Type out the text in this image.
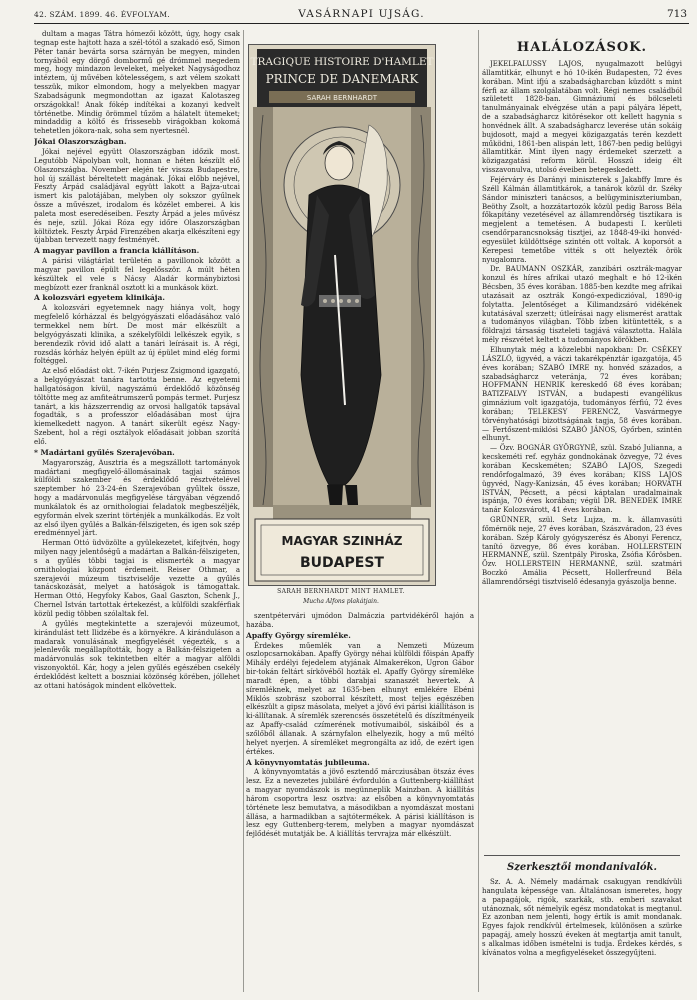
42. SZÁM. 1899. 46. ÉVFOLYAM.	VASÁRNAPI UJSÁG.	713

dultam a magas Tátra hómezői között, úgy, hogy csak tegnap este hajtott haza a szél-tótól a szakadó eső, Simon Péter tanár bevárta sorsa szárnyán be megyen, minden tornyából egy dörgő dombormű gé drómmel megedem meg, hogy mindazon leveleket, melyeket Nagyságodhoz intéztem, új művében kötelességem, s azt vélem szokatt tesszük, mikor elmondom, hogy a melyekben magyar Szabadságunk megmondottan az igazat Kalotaszeg országokkal! Anak fókép indítékai a kozanyi kedvelt történetbe. Mindig örömmel tűzöm a hálatelt ütemeket; mindaddig a költő és frissesebb virágokban kokomá tehetetlen jókora-nak, soha sem nyertesnél.

Jókai Olaszországban.

Jókai nejével együtt Olaszországban időzik most. Legutóbb Nápolyban volt, honnan e héten készült elő Olaszországba. November elején tér vissza Budapestre, hol új szállást béreltetett magának. Jókai előbb nejével, Feszty Árpád családjával együtt lakott a Bajza-utcai ismert kis palotájában, melyben oly sokszor gyűlnek össze a művészet, irodalom és közélet emberei. A kis paleta most eseredéseiben. Feszty Árpád a jeles művész és neje, szül. Jókai Róza egy időre Olaszországban költöztek. Feszty Árpád Firenzében akarja elkészíteni egy újabban tervezett nagy festményét.

A magyar pavillon a francia kiállításon.

A párisi világtárlat területén a pavillonok között a magyar pavillon épült fel legelősször. A múlt héten készültek el vele s Nácsy Aladár kormánybiztosi megbízott ezer franknál osztott ki a munkások közt.

A kolozsvári egyetem klinikája.

A kolozsvári egyetemnek nagy hiánya volt, hogy megfelelő kórházzal és belgyógyászati előadásához való termekkel nem bírt. De most már elkészült a belgyógyászati klinika, a székelyföldi lelkészek egyik, s berendezik rövid idő alatt a tanári leírásait is. A régi, rozsdás kórház helyén épült az új épület mind elég formi foltéggel.

Az első előadást okt. 7-ikén Purjesz Zsigmond igazgató, a belgyógyászat tanára tartotta benne. Az egyetemi hallgatóságon kívül, nagyszámú érdeklődő közönség töltötte meg az amfiteátrumszerű pompás termet. Purjesz tanárt, a kis házszerrendig az orvosi hallgatók tapsával fogadták, s a professzor előadásában most újra kiemelkedett nagyon. A tanárt sikerült egész Nagy-Szebent, hol a régi osztályok előadásait jobban szorítá elő.

* Madártani gyűlés Szerajevóban.

Magyarország, Ausztria és a megszállott tartományok madártani megfigyelő-állomásainak tagjai számos külföldi szakember és érdeklődő résztvételével szeptember hó 23-24-én Szerajevóban gyűltek össze, hogy a madárvonulás megfigyelése tárgyában végzendő munkálatok és az ornithologiai feladatok megbeszéljék, egyformán elvek szerint történjék a munkálkodás. Ez volt az első ilyen gyűlés a Balkán-félszigeten, és igen sok szép eredménnyel járt.

Herman Ottó üdvözölte a gyülekezetet, kifejtvén, hogy milyen nagy jelentőségű a madártan a Balkán-félszigeten, s a gyűlés többi tagjai is elismerték a magyar ornithologiai központ érdemeit. Reiser Othmar, a szerajevói múzeum tisztviselője vezette a gyűlés tanácskozását, melyet a hatóságok is támogattak. Herman Ottó, Hegyfoky Kabos, Gaal Gaszton, Schenk J., Chernel István tartottak értekezést, a külföldi szakférfiak közül pedig többen szólaltak fel.

A gyűlés megtekintette a szerajevói múzeumot, kirándulást tett Ilidzébe és a környékre. A kiránduláson a madarak vonulásának megfigyelését végezték, s a jelenlevők megállapították, hogy a Balkán-félszigeten a madárvonulás sok tekintetben eltér a magyar alföldi viszonyoktól. Kár, hogy a jelen gyűlés egészében csekély érdeklődést keltett a boszniai közönség körében, jóllehet az ottani hatóságok mindent elkövettek.

TRAGIQUE HISTOIRE D'HAMLET
PRINCE DE DANEMARK
SARAH BERNHARDT
MAGYAR SZINHÁZ
BUDAPEST
SARAH BERNHARDT MINT HAMLET.
Mucha Alfons plakátjain.

szentpétervári ujmódon Dalmáczia partvidékéről hajón a hazába.

Apaffy György síremléke.

Érdekes műemlék van a Nemzeti Múzeum oszlopcsarnokában. Apaffy György néhai külföldi főispán Apaffy Mihály erdélyi fejedelem atyjának Almakerékon, Ugron Gábor bir-tokán feltárt sírkövéből hozták el. Apaffy György síremléke maradt épen, a többi darabjai szanaszét hevertek. A síremléknek, melyet az 1635-ben elhunyt emlékére Ebéni Miklós szobrász szoborral készített, most teljes egészében elkészült a gipsz másolata, melyet a jövő évi párisi kiállításon is ki-állítanak. A síremlék szerencsés összetételű és díszítményeik az Apaffy-család czímerének motívumaiból, siskáiból és a szőlőből állanak. A szárnyfalon elhelyezik, hogy a mű méltó helyet nyerjen. A síremléket megrongálta az idő, de ezért igen értékes.

A könyvnyomtatás jubileuma.

A könyvnyomtatás a jövő esztendő márcziusában ötszáz éves lesz. Ez a nevezetes jubiláré évfordulón a Guttenberg-kiállítást a magyar nyomdászok is megünneplik Mainzban. A kiállítás három csoportra lesz osztva: az elsőben a könyvnyomtatás története lesz bemutatva, a másodikban a nyomdászat mostani állása, a harmadikban a sajtótermékek. A párisi kiállításon is lesz egy Guttenberg-terem, melyben a magyar nyomdászat fejlődését mutatják be. A kiállítás tervrajza már elkészült.

HALÁLOZÁSOK.

JEKELFALUSSY LAJOS, nyugalmazott belügyi államtitkár, elhunyt e hó 10-ikén Budapesten, 72 éves korában. Mint ifjú a szabadságharcban küzdött s mint férfi az állam szolgálatában volt. Régi nemes családból született 1828-ban. Gimnáziumi és bölcseleti tanulmányainak elvégzése után a papi pályára lépett, de a szabadságharcz kitörésekor ott kellett hagynia s honvédnek állt. A szabadságharcz leverése után sokáig bujdosott, majd a megyei közigazgatás terén kezdett működni, 1861-ben alispán lett, 1867-ben pedig belügyi államtitkár. Mint ilyen nagy érdemeket szerzett a közigazgatási reform körül. Hosszú ideig élt visszavonulva, utolsó éveiben betegeskedett.

Fejérváry és Darányi miniszterek s Jakabffy Imre és Széll Kálmán államtitkárok, a tanárok közül dr. Széky Sándor miniszteri tanácsos, a belügyminiszteriumban, Beöthy Zsolt, a hozzátartozók közül pedig Baross Béla főkapitány vezetésével az államrendőrség tisztikara is megjelent a temetésen. A budapesti I. kerületi csendőrparancsnokság tisztjei, az 1848-49-iki honvéd-egyesület küldöttsége szintén ott voltak. A koporsót a Kerepesi temetőbe vitték s ott helyezték örök nyugalomra.

Dr. BAUMANN OSZKÁR, zanzibári osztrák-magyar konzul és híres afrikai utazó meghalt e hó 12-ikén Bécsben, 35 éves korában. 1885-ben kezdte meg afrikai utazásait az osztrák Kongó-expediczióval, 1890-ig folytatta. Jelentőséget a Kilimandzsáró vidékének kutatásával szerzett; útleírásai nagy elismerést arattak a tudományos világban. Több ízben kitüntették, s a földrajzi társaság tiszteleti tagjává választotta. Halála mély részvétet keltett a tudományos körökben.

Elhunytak még a közelebbi napokban: Dr. CSÉKEY LÁSZLÓ, ügyvéd, a váczi takarékpénztár igazgatója, 45 éves korában; SZABÓ IMRE ny. honvéd százados, a szabadságharcz veteránja, 72 éves korában; HOFFMANN HENRIK kereskedő 68 éves korában; BATIZFALVY ISTVÁN, a budapesti evangélikus gimnázium volt igazgatója, tudományos férfiú, 72 éves korában; TELEKESY FERENCZ, Vasvármegye törvényhatósági bizottságának tagja, 58 éves korában. — Fertőszent-miklósi SZABÓ JÁNOS, Győrben, szintén elhunyt.

— Özv. BOGNÁR GYÖRGYNÉ, szül. Szabó Julianna, a kecskeméti ref. egyház gondnokának özvegye, 72 éves korában Kecskeméten; SZABÓ LAJOS, Szegedi rendőrfogalmazó, 39 éves korában; KISS LAJOS ügyvéd, Nagy-Kanizsán, 45 éves korában; HORVÁTH ISTVÁN, Pécsett, a pécsi káptalan uradalmainak ispánja, 70 éves korában; végül DR. BENEDEK IMRE tanár Kolozsvárott, 41 éves korában.

GRÜNNER, szül. Setz Lujza, m. k. államvasúti főmérnök neje, 27 éves korában, Szászváradon, 23 éves korában. Szép Károly gyógyszerész és Abonyi Ferencz, tanító özvegye, 86 éves korában. HOLLERSTEIN HERMANNÉ, szül. Szentpály Piroska, Zsófia Kőrösben. Özv. HOLLERSTEIN HERMANNÉ, szül. szatmári Boczkó Amália Pécsett, Hollerfreund Béla államrendőrségi tisztviselő édesanyja gyászolja benne.

Szerkesztői mondanivalók.

Sz. A. A. Némely madárnak csakugyan rendkívüli hangulata képessége van. Általánosan ismeretes, hogy a papagájok, rigók, szarkák, stb. emberi szavakat utánoznak, sőt némelyik egész mondatokat is megtanul. Ez azonban nem jelenti, hogy értik is amit mondanak. Egyes fajok rendkívül értelmesek, különösen a szürke papagáj, amely hosszú éveken át megtartja amit tanult, s alkalmas időben ismételni is tudja. Érdekes kérdés, s kívánatos volna a megfigyeléseket összegyűjteni.
